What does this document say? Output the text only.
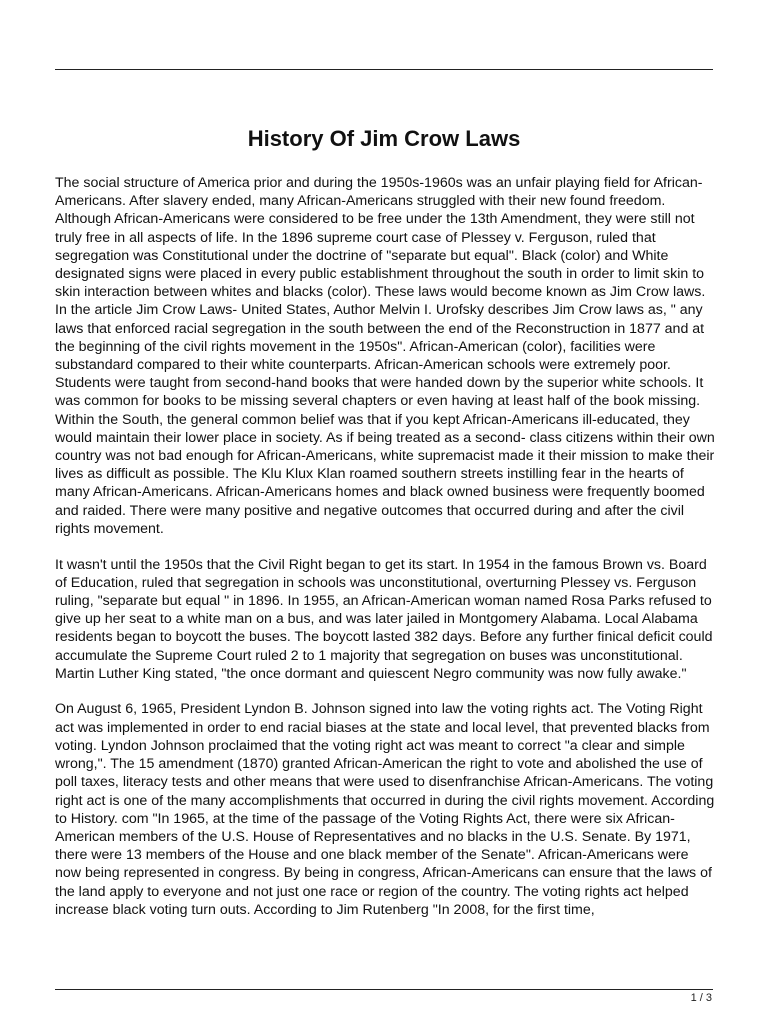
History Of Jim Crow Laws

The social structure of America prior and during the 1950s-1960s was an unfair playing field for African-Americans. After slavery ended, many African-Americans struggled with their new found freedom. Although African-Americans were considered to be free under the 13th Amendment, they were still not truly free in all aspects of life. In the 1896 supreme court case of Plessey v. Ferguson, ruled that segregation was Constitutional under the doctrine of "separate but equal". Black (color) and White designated signs were placed in every public establishment throughout the south in order to limit skin to skin interaction between whites and blacks (color). These laws would become known as Jim Crow laws. In the article Jim Crow Laws- United States, Author Melvin I. Urofsky describes Jim Crow laws as, " any laws that enforced racial segregation in the south between the end of the Reconstruction in 1877 and at the beginning of the civil rights movement in the 1950s". African-American (color), facilities were substandard compared to their white counterparts. African-American schools were extremely poor. Students were taught from second-hand books that were handed down by the superior white schools. It was common for books to be missing several chapters or even having at least half of the book missing. Within the South, the general common belief was that if you kept African-Americans ill-educated, they would maintain their lower place in society. As if being treated as a second- class citizens within their own country was not bad enough for African-Americans, white supremacist made it their mission to make their lives as difficult as possible. The Klu Klux Klan roamed southern streets instilling fear in the hearts of many African-Americans. African-Americans homes and black owned business were frequently boomed and raided. There were many positive and negative outcomes that occurred during and after the civil rights movement.

It wasn't until the 1950s that the Civil Right began to get its start. In 1954 in the famous Brown vs. Board of Education, ruled that segregation in schools was unconstitutional, overturning Plessey vs. Ferguson ruling, "separate but equal " in 1896. In 1955, an African-American woman named Rosa Parks refused to give up her seat to a white man on a bus, and was later jailed in Montgomery Alabama. Local Alabama residents began to boycott the buses. The boycott lasted 382 days. Before any further finical deficit could accumulate the Supreme Court ruled 2 to 1 majority that segregation on buses was unconstitutional. Martin Luther King stated, "the once dormant and quiescent Negro community was now fully awake."

On August 6, 1965, President Lyndon B. Johnson signed into law the voting rights act. The Voting Right act was implemented in order to end racial biases at the state and local level, that prevented blacks from voting. Lyndon Johnson proclaimed that the voting right act was meant to correct "a clear and simple wrong,". The 15 amendment (1870) granted African-American the right to vote and abolished the use of poll taxes, literacy tests and other means that were used to disenfranchise African-Americans. The voting right act is one of the many accomplishments that occurred in during the civil rights movement. According to History. com "In 1965, at the time of the passage of the Voting Rights Act, there were six African-American members of the U.S. House of Representatives and no blacks in the U.S. Senate. By 1971, there were 13 members of the House and one black member of the Senate". African-Americans were now being represented in congress. By being in congress, African-Americans can ensure that the laws of the land apply to everyone and not just one race or region of the country. The voting rights act helped increase black voting turn outs. According to Jim Rutenberg "In 2008, for the first time,

1 / 3
